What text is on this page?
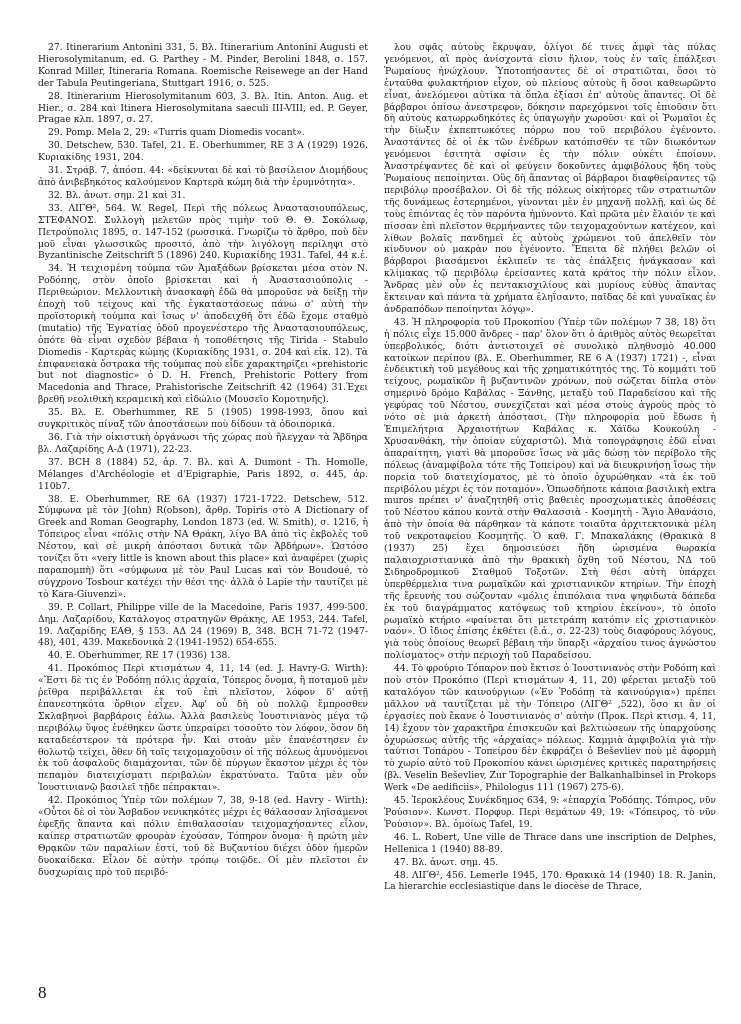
27. Itinerarium Antonini 331, 5. Βλ. Itinerarium Antonini Augusti et Hierosolymitanum, ed. G. Parthey - M. Pinder, Berolini 1848, σ. 157. Konrad Miller, Itineraria Romana. Roemische Reisewege an der Hand der Tabula Peutingeriana, Stuttgart 1916, σ. 525.

28. Itinerarium Hierosolymitanum 603, 3. Βλ. Itin. Anton. Aug. et Hier., σ. 284 καὶ Itinera Hierosolymitana saeculi III-VIII, ed. P. Geyer, Pragae κλπ. 1897, σ. 27.

29. Pomp. Mela 2, 29: «Turris quam Diomedis vocant».

30. Detschew, 530. Tafel, 21. E. Oberhummer, RE 3 A (1929) 1926. Κυριακίδης 1931, 204.

31. Στράβ. 7, ἀπόσπ. 44: «δείκνυται δὲ καὶ τὸ βασίλειον Διομήδους ἀπὸ ἀνιβεβηκότος καλούμενον Καρτερὰ κώμη διὰ τὴν ἐρυμνότητα».

32. Βλ. ἀνωτ. σημ. 21 καὶ 31.

33. ΛΙΓΘ², 564. W. Regel, Περὶ τῆς πόλεως Ἀναστασιουπόλεως, ΣΤΕΦΑΝΟΣ. Συλλογὴ μελετῶν πρὸς τιμὴν τοῦ Θ. Θ. Σοκόλωφ, Πετρούπολις 1895, σ. 147-152 (ρωσσικά. Γνωρίζω τὸ ἄρθρο, ποὺ δὲν μοῦ εἶναι γλωσσικῶς προσιτό, ἀπὸ τὴν λιγόλογη περίληψι στὸ Byzantinische Zeitschrift 5 (1896) 240. Κυριακίδης 1931. Tafel, 44 κ.ἑ.

34. Ἡ τειχισμένη τούμπα τῶν Ἀμαξάδων βρίσκεται μέσα στὸν Ν. Ροδόπης, στὸν ὁποῖο βρίσκεται καὶ ἡ Ἀναστασιούπολις - Περιθεώριον. Μελλοντικὴ ἀνασκαφὴ ἐδῶ θὰ μποροῦσε νὰ δείξῃ τὴν ἐποχὴ τοῦ τείχους καὶ τῆς ἐγκαταστάσεως πάνω σ' αὐτὴ τὴν προϊστορικὴ τούμπα καὶ ἴσως ν' ἀποδειχθῆ ὅτι ἐδῶ ἔχομε σταθμὸ (mutatio) τῆς Ἐγνατίας ὁδοῦ προγενέστερο τῆς Ἀναστασιουπόλεως, ὁπότε θὰ εἶναι σχεδὸν βέβαια ἡ τοποθέτησις τῆς Tirida - Stabulo Diomedis - Καρτερὰς κώμης (Κυριακίδης 1931, σ. 204 καὶ εἰκ. 12). Τὰ ἐπιφανειακὰ ὄστρακα τῆς τούμπας ποὺ εἶδε χαρακτηρίζει «prehistoric but not diagnostic» ὁ D. H. French, Prehistoric Pottery from Macedonia and Thrace, Prahistorische Zeitschrift 42 (1964) 31.Ἐχει βρεθῆ νεολιθικὴ κεραμεικὴ καὶ εἰδώλιο (Μουσεῖο Κομοτηνῆς).

35. Βλ. E. Oberhummer, RE 5 (1905) 1998-1993, ὅπου καὶ συγκριτικὸς πίναξ τῶν ἀποστάσεων ποὺ δίδουν τὰ ὁδοιπορικά.

36. Γιὰ τὴν οἰκιστικὴ ὀργάνωσι τῆς χώρας ποὺ ἤλεγχαν τὰ Ἄβδηρα βλ. Λαζαρίδης Α-Δ (1971), 22-23.

37. BCH 8 (1884) 52, ἀρ. 7. Βλ. καὶ A. Dumont - Th. Homolle, Mélanges d'Archéologie et d'Epigraphie, Paris 1892, σ. 445, ἀρ. 110b7.

38. E. Oberhummer, RE 6A (1937) 1721-1722. Detschew, 512. Σύμφωνα μὲ τὸν J(ohn) R(obson), ἄρθρ. Topiris στὸ A Dictionary of Greek and Roman Geography, London 1873 (ed. W. Smith), σ. 1216, ἡ Τόπειρος εἶναι «πόλις στὴν ΝΑ Θράκη, λίγο ΒΑ ἀπὸ τὶς ἐκβολὲς τοῦ Νέστου, καὶ σὲ μικρὴ ἀπόστασι δυτικὰ τῶν Ἀβδήρων». Ὡστόσο τονίζει ὅτι «very little is known about this place» καὶ ἀναφέρει (χωρὶς παραπομπὴ) ὅτι «σύμφωνα μὲ τὸν Paul Lucas καὶ τὸν Boudoué, τὸ σύγχρονο Tosbour κατέχει τὴν θέσι της· ἀλλὰ ὁ Lapie τὴν ταυτίζει μὲ τὸ Kara-Giuvenzi».

39. P. Collart, Philippe ville de la Macedoine, Paris 1937, 499-500. Δημ. Λαζαρίδου, Κατάλογος στρατηγῶν Θράκης, ΑΕ 1953, 244. Tafel, 19. Λαζαρίδης ΕΑΘ, § 153. ΑΔ 24 (1969) Β, 348. BCH 71-72 (1947-48), 401, 439. Μακεδονικὰ 2 (1941-1952) 654-655.

40. E. Oberhummer, RE 17 (1936) 138.

41. Προκόπιος Περὶ κτισμάτων 4, 11, 14 (ed. J. Havry-G. Wirth): «Ἔστι δὲ τις ἐν Ῥοδόπῃ πόλις ἀρχαία, Τόπερος ὄνομα, ἣ ποταμοῦ μὲν ῥεῖθρα περιβάλλεται ἐκ τοῦ ἐπὶ πλεῖστον, λόφον δ' αὐτῇ ἐπανεστηκότα ὄρθιον εἶχεν. Ἀφ' οὗ δὴ οὐ πολλῷ ἔμπροσθεν Σκλαβηνοὶ βαρβάροις ἑάλω. Ἀλλὰ βασιλεὺς Ἰουστινιανὸς μέγα τῷ περιβόλῳ ὕψος ἐνέθηκεν ὥστε ὑπεραίρει τοσοῦτο τὸν λόφον, ὅσον δὴ καταδεέστερον τὰ πρότερα ἦν. Καὶ στοὰν μὲν ἐπανέστησεν ἐν θολωτῷ τείχει, ὅθεν δὴ τοῖς τειχομαχοῦσιν οἱ τῆς πόλεως ἀμυνόμενοι ἐκ τοῦ ἀσφαλοῦς διαμάχονται, τῶν δὲ πύργων ἕκαστον μέχρι ἐς τὸν πεπαμὸν διατειχίσματι περιβαλὼν ἐκρατύνατο. Ταῦτα μὲν οὖν Ἰουστινιανῷ βασιλεῖ τῇδε πέπρακται».

42. Προκόπιος Ὑπὲρ τῶν πολέμων 7, 38, 9-18 (ed. Havry - Wirth): «Οὗτοι δὲ οἱ τὸν Ἄσβαδον νενικηκότες μέχρι ἐς θάλασσαν ληϊσάμενοι ἐφεξῆς ἅπαντα καὶ πόλιν ἐπιθαλασσίαν τειχομαχήσαντες εἷλον, καίπερ στρατιωτῶν φρουρὰν ἐχούσαν, Τόπηρον ὄνομα· ἣ πρώτη μὲν Θρᾳκῶν τῶν παραλίων ἐστί, τοῦ δὲ Βυζαντίου διέχει ὁδὸν ἡμερῶν δυοκαίδεκα. Εἷλον δὲ αὐτὴν τρόπῳ τοιῷδε. Οἱ μὲν πλεῖστοι ἐν δυσχωρίαις πρὸ τοῦ περιβό-

λου σφᾶς αὐτοὺς ἔκρυψαν, ὀλίγοι δέ τινες ἀμφὶ τὰς πύλας γενόμενοι, αἳ πρὸς ἀνίσχοντά εἰσιν ἥλιον, τοὺς ἐν ταῖς ἐπάλξεσι Ῥωμαίους ἠνώχλουν. Ὑποτοπήσαντες δὲ οἱ στρατιῶται, ὅσοι τὸ ἐνταῦθα φυλακτήριον εἶχον, οὐ πλείους αὐτοὺς ἢ ὅσοι καθεωρῶντο εἶναι, ἀνελόμενοι αὐτίκα τὰ ὅπλα ἐξίασι ἐπ' αὐτοὺς ἅπαντες. Οἱ δὲ βάρβαροι ὀπίσω ἀνεστρεφον, δόκησιν παρεχόμενοι τοῖς ἐπιοῦσιν ὅτι δὴ αὐτοὺς κατωρρωδηκότες ἐς ὑπαγωγὴν χωροῦσι· καὶ οἱ Ῥωμαῖοι ἐς τὴν δίωξιν ἐκπεπτωκότες πόρρω που τοῦ περιβόλου ἐγένοντο. Ἀναστάντες δὲ οἱ ἐκ τῶν ἐνέδρων κατόπισθέν τε τῶν διωκόντων γενόμενοι ἐσιτητὰ σφίσιν ἐς τὴν πόλιν οὐκέτι ἐποίουν. Ἀναστρέψαντες δὲ καὶ οἱ φεύγειν δοκοῦντες ἀμφιβόλους ἤδη τοὺς Ῥωμαίους πεποίηνται. Οὓς δὴ ἅπαντας οἱ βάρβαροι διαφθείραντες τῷ περιβόλῳ προσέβαλον. Οἱ δὲ τῆς πόλεως οἰκήτορες τῶν στρατιωτῶν τῆς δυνάμεως ἐστερημένοι, γίνονται μὲν ἐν μηχανῇ πολλῇ, καὶ ὡς δὲ τοὺς ἐπιόντας ἐς τὸν παρόντα ἠμύνοντο. Καὶ πρῶτα μὲν ἔλαιόν τε καὶ πίσσαν ἐπὶ πλεῖστον θερμήναντες τῶν τειχομαχούντων κατέχεον, καὶ λίθων βολαῖς πανδημεὶ ἐς αὐτοὺς χρώμενοι τοῦ ἀπελθεῖν τὸν κίνδυνον οὐ μακρὰν που ἐγένοντο. Ἔπειτα δὲ πλήθει βελῶν οἱ βάρβαροι βιασάμενοι ἐκλιπεῖν τε τὰς ἐπάλξεις ἠνάγκασαν καὶ κλίμακας τῷ περιβόλῳ ἐρείσαντες κατὰ κράτος τὴν πόλιν εἷλον. Ἄνδρας μὲν οὖν ἐς πεντακισχιλίους καὶ μυρίους εὐθὺς ἅπαντας ἔκτειναν καὶ πάντα τὰ χρήματα ἐληΐσαντο, παῖδας δὲ καὶ γυναῖκας ἐν ἀνδραπόδων πεποίηνται λόγῳ».

43. Ἡ πληροφορία τοῦ Προκοπίου (Ὑπὲρ τῶν πολέμων 7 38, 18) ὅτι ἡ πόλις εἶχε 15.000 ἄνδρες - παρ' ὅλον ὅτι ὁ ἀριθμὸς αὐτὸς θεωρεῖται ὑπερβολικός, διότι ἀντιστοιχεῖ σὲ συνολικὸ πληθυσμὸ 40.000 κατοίκων περίπου (βλ. E. Oberhummer, RE 6 A (1937) 1721) -, εἶναι ἐνδεικτικὴ τοῦ μεγέθους καὶ τῆς χρηματικότητός της. Τὸ κομμάτι τοῦ τείχους, ρωμαϊκῶν ἢ βυζαντινῶν χρόνων, ποὺ σώζεται δίπλα στὸν σημερινὸ δρόμο Καβάλας - Ξάνθης, μεταξὺ τοῦ Παραδείσου καὶ τῆς γεφύρας τοῦ Νέστου, συνεχίζεται καὶ μέσα στοὺς ἀγροὺς πρὸς τὸ νότο σὲ μιὰ ἀρκετὴ ἀπόστασι. (Τὴν πληροφορία μοῦ ἔδωσε ἡ Ἐπιμελήτρια Ἀρχαιοτήτων Καβάλας κ. Χάϊδω Κουκούλη - Χρυσανθάκη, τὴν ὁποίαν εὐχαριστῶ). Μιὰ τοπογράφησις ἐδῶ εἶναι ἀπαραίτητη, γιατὶ θὰ μποροῦσε ἴσως νὰ μᾶς δώσῃ τὸν περίβολο τῆς πόλεως (ἀναμφίβολα τότε τῆς Τοπείρου) καὶ νὰ διευκρινήσῃ ἴσως τὴν πορεία τοῦ διατειχίσματος, μὲ τὸ ὁποῖο ὀχυρώθηκαν «τὰ ἐκ τοῦ περιβόλου μέχρι ἐς τὸν ποταμόν». Ὁπωσδήποτε κάποια βασιλικὴ extra muros πρέπει ν' ἀναζητηθῆ στὶς βαθειὲς προσχωματικὲς ἀποθέσεις τοῦ Νέστου κάπου κοντὰ στὴν Θαλασσιὰ - Κοσμητὴ - Ἅγιο Ἀθανάσιο, ἀπὸ τὴν ὁποία θὰ πάρθηκαν τὰ κάποτε τοιαῦτα ἀρχιτεκτονικὰ μέλη τοῦ νεκροταφείου Κοσμητῆς. Ὁ καθ. Γ. Μπακαλάκης (Θρακικὰ 8 (1937) 25) ἔχει δημοσιεύσει ἤδη ὡρισμένα θωρακία παλαιοχριστιανικὰ ἀπὸ τὴν θρακικὴ ὄχθη τοῦ Νέστου, ΝΔ τοῦ Σιδηροδρομικοῦ Σταθμοῦ Τοξοτῶν. Στὴ θέσι αὐτὴ ὑπάρχει ὑπερθέρμελια τινα ρωμαϊκῶν καὶ χριστιανικῶν κτηρίων. Τὴν ἐποχὴ τῆς ἔρευνής του σώζονταν «μόλις ἐπιπόλαια τινα ψηφιδωτὰ δάπεδα ἐκ τοῦ διαγράμματος κατόψεως τοῦ κτηρίου ἐκείνου», τὸ ὁποῖο ρωμαϊκὸ κτήριο «φαίνεται ὅτι μετετράπη κατόπιν εἰς χριστιανικὸν ναόν». Ὁ ἴδιος ἐπίσης ἐκθέτει (ἔ.ἀ., σ. 22-23) τοὺς διαφόρους λόγους, γιὰ τοὺς ὁποίους θεωρεῖ βέβαιη τὴν ὕπαρξι «ἀρχαίου τινος ἀγνώστου πολίσματος» στὴν περιοχὴ τοῦ Παραδείσου.

44. Τὸ φρούριο Τόπαρον ποὺ ἔκτισε ὁ Ἰουστινιανὸς στὴν Ροδόπη καὶ ποὺ στὸν Προκόπιο (Περὶ κτισμάτων 4, 11, 20) φέρεται μεταξὺ τοῦ καταλόγου τῶν καινούργιων («Ἐν Ῥοδόπῃ τὰ καινούργια») πρέπει μᾶλλον νὰ ταυτίζεται μὲ τὴν Τόπειρο (ΛΙΓΘ² ,522), ὅσο κι ἂν οἱ ἐργασίες ποὺ ἔκανε ὁ Ἰουστινιανὸς σ' αὐτὴν (Προκ. Περὶ κτισμ. 4, 11, 14) ἔχουν τὸν χαρακτῆρα ἐπισκευῶν καὶ βελτιώσεων τῆς ὑπαρχούσης ὀχυρώσεως αὐτῆς τῆς «ἀρχαίας» πόλεως. Καμμιὰ ἀμφιβολία γιὰ τὴν ταύτισι Τοπάρου - Τοπείρου δὲν ἐκφράζει ὁ Beševliev ποὺ μὲ ἀφορμὴ τὸ χωρίο αὐτὸ τοῦ Προκοπίου κάνει ὡρισμένες κριτικὲς παρατηρήσεις (βλ. Veselin Beševliev, Zur Topographie der Balkanhalbinsel in Prokops Werk «De aedificiis», Philologus 111 (1967) 275-6).

45. Ἱεροκλέους Συνέκδημος 634, 9: «ἐπαρχία Ῥοδόπης. Τόπιρος, νῦν Ῥούσιον». Κωνστ. Πορφυρ. Περὶ θεμάτων 49, 19: «Τόπειρος, τὸ νῦν Ῥούσιον». Βλ. ὁμοίως Tafel, 19.

46. L. Robert, Une ville de Thrace dans une inscription de Delphes, Hellenica 1 (1940) 88-89.

47. Βλ. ἀνωτ. σημ. 45.

48. ΛΙΓΘ², 456. Lemerle 1945, 170. Θρακικὰ 14 (1940) 18. R. Janin, La hierarchie ecclesiastique dans le diocèse de Thrace,

8
